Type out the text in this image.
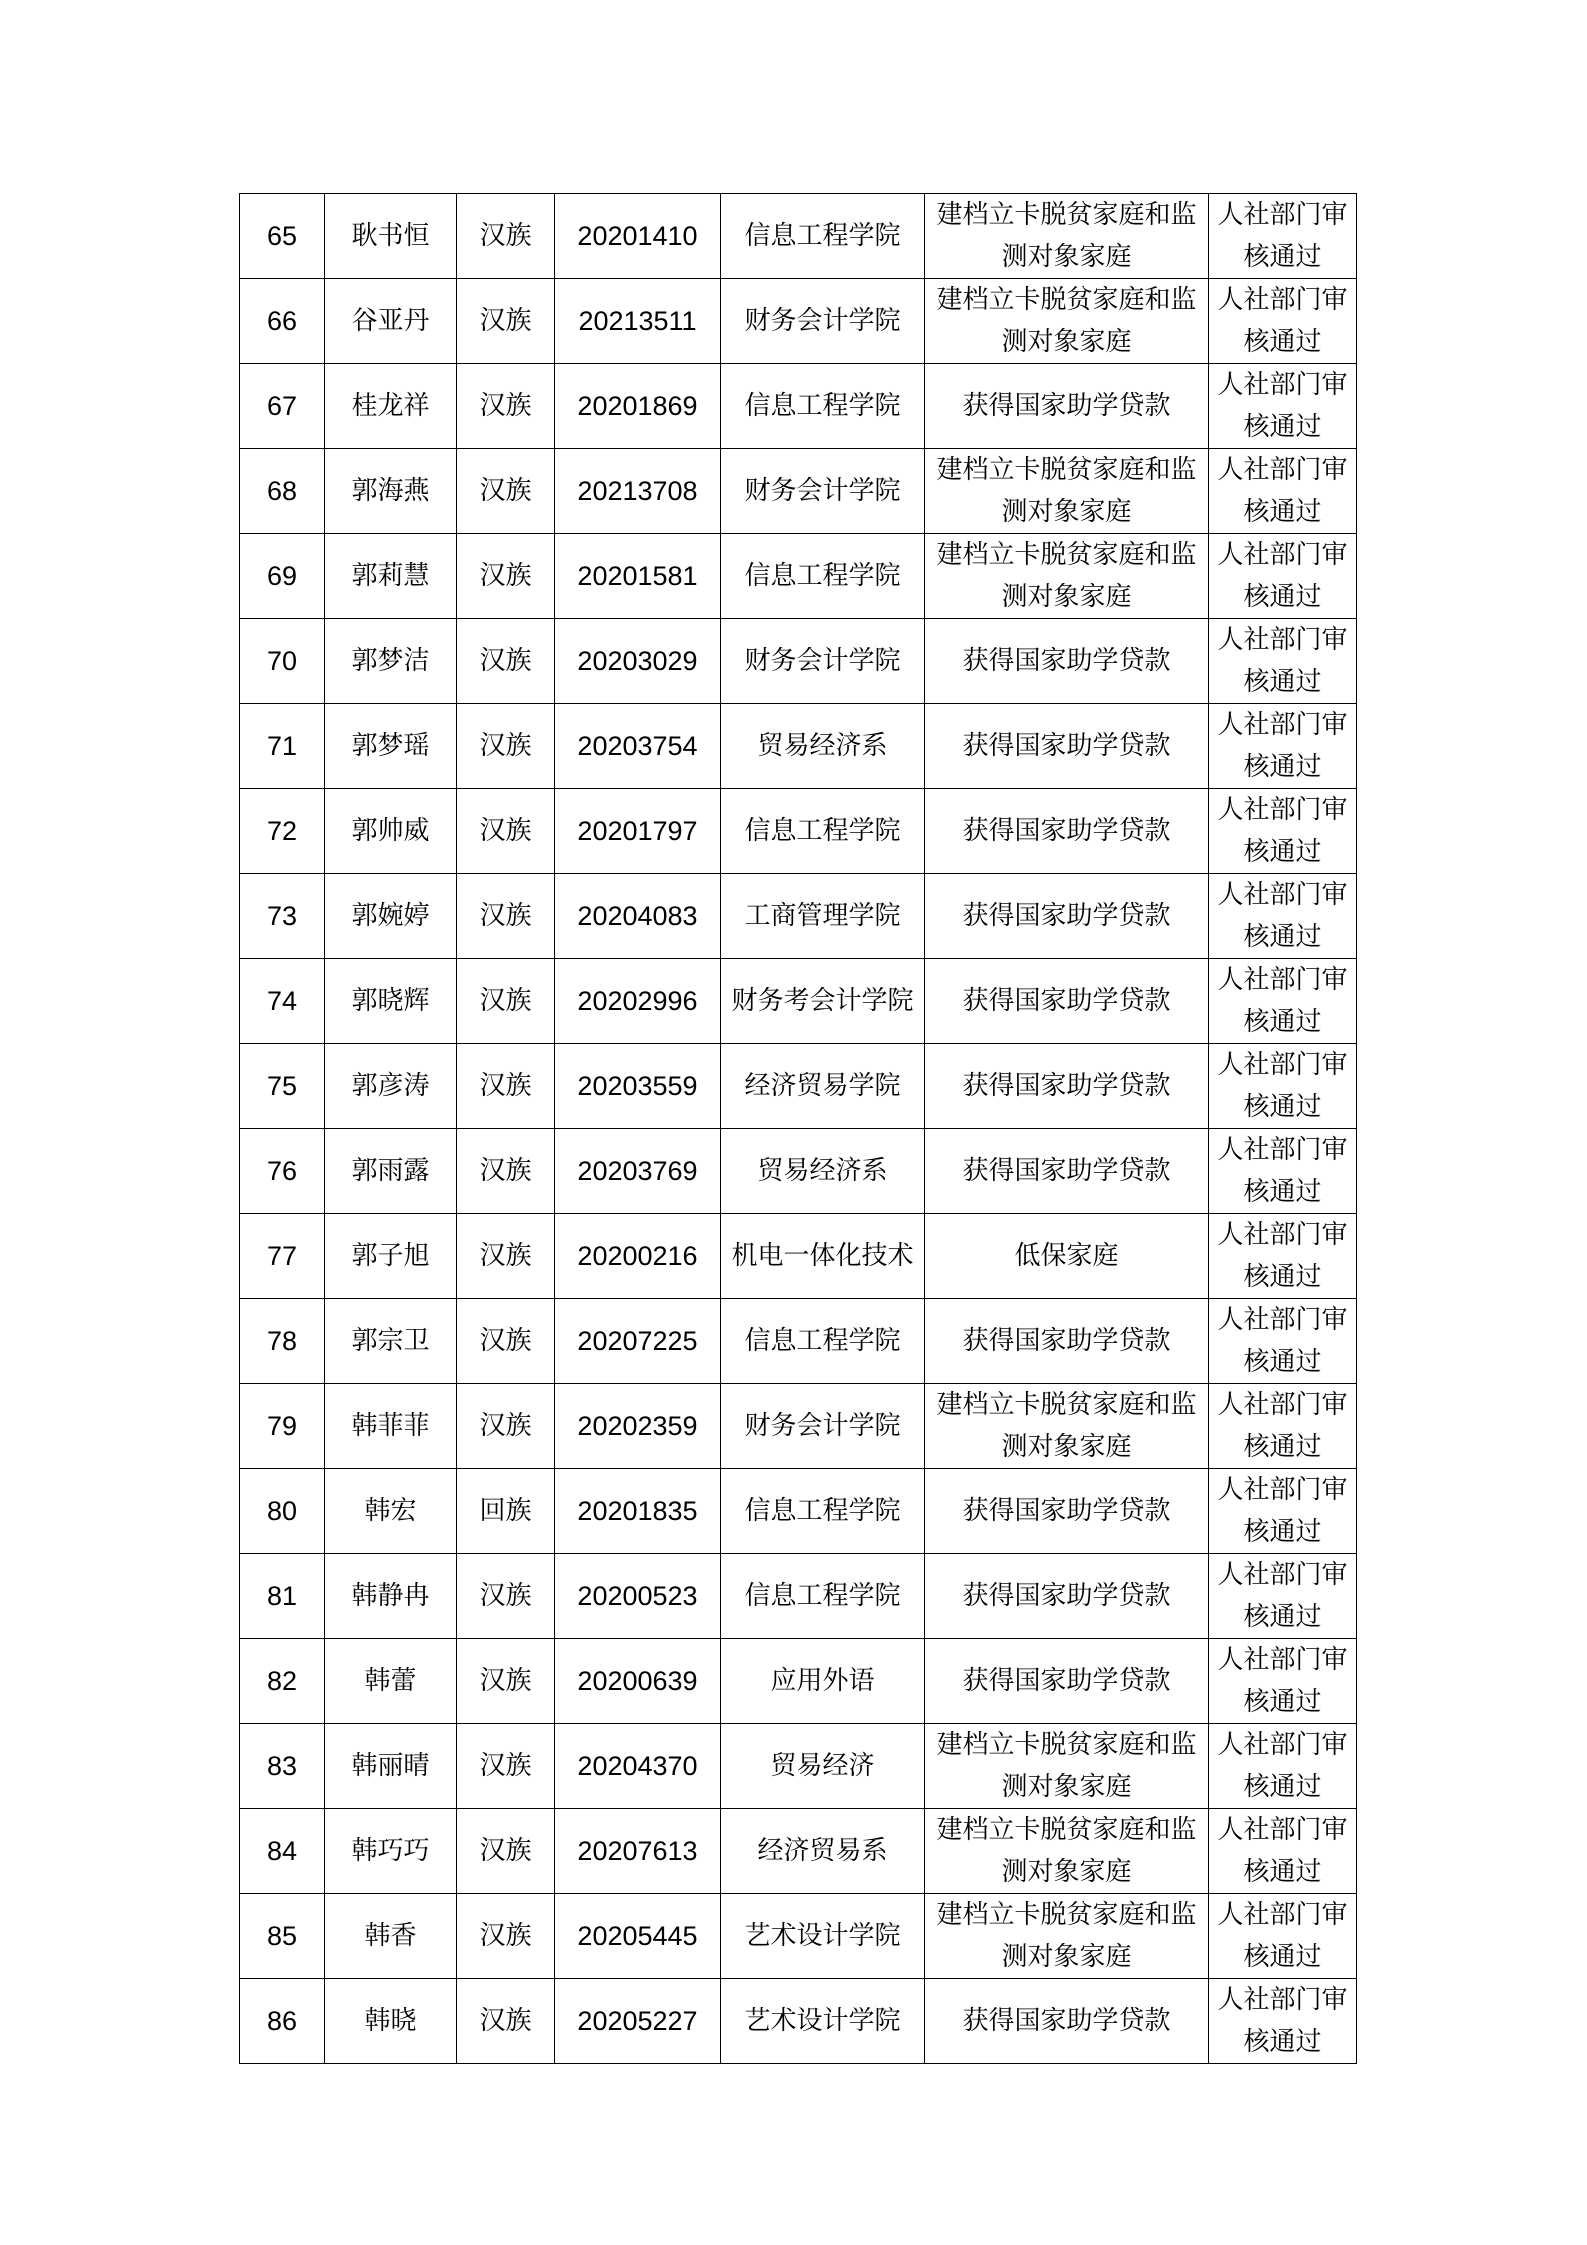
65	耿书恒	汉族	20201410	信息工程学院	建档立卡脱贫家庭和监测对象家庭	人社部门审核通过
66	谷亚丹	汉族	20213511	财务会计学院	建档立卡脱贫家庭和监测对象家庭	人社部门审核通过
67	桂龙祥	汉族	20201869	信息工程学院	获得国家助学贷款	人社部门审核通过
68	郭海燕	汉族	20213708	财务会计学院	建档立卡脱贫家庭和监测对象家庭	人社部门审核通过
69	郭莉慧	汉族	20201581	信息工程学院	建档立卡脱贫家庭和监测对象家庭	人社部门审核通过
70	郭梦洁	汉族	20203029	财务会计学院	获得国家助学贷款	人社部门审核通过
71	郭梦瑶	汉族	20203754	贸易经济系	获得国家助学贷款	人社部门审核通过
72	郭帅威	汉族	20201797	信息工程学院	获得国家助学贷款	人社部门审核通过
73	郭婉婷	汉族	20204083	工商管理学院	获得国家助学贷款	人社部门审核通过
74	郭晓辉	汉族	20202996	财务考会计学院	获得国家助学贷款	人社部门审核通过
75	郭彦涛	汉族	20203559	经济贸易学院	获得国家助学贷款	人社部门审核通过
76	郭雨露	汉族	20203769	贸易经济系	获得国家助学贷款	人社部门审核通过
77	郭子旭	汉族	20200216	机电一体化技术	低保家庭	人社部门审核通过
78	郭宗卫	汉族	20207225	信息工程学院	获得国家助学贷款	人社部门审核通过
79	韩菲菲	汉族	20202359	财务会计学院	建档立卡脱贫家庭和监测对象家庭	人社部门审核通过
80	韩宏	回族	20201835	信息工程学院	获得国家助学贷款	人社部门审核通过
81	韩静冉	汉族	20200523	信息工程学院	获得国家助学贷款	人社部门审核通过
82	韩蕾	汉族	20200639	应用外语	获得国家助学贷款	人社部门审核通过
83	韩丽晴	汉族	20204370	贸易经济	建档立卡脱贫家庭和监测对象家庭	人社部门审核通过
84	韩巧巧	汉族	20207613	经济贸易系	建档立卡脱贫家庭和监测对象家庭	人社部门审核通过
85	韩香	汉族	20205445	艺术设计学院	建档立卡脱贫家庭和监测对象家庭	人社部门审核通过
86	韩晓	汉族	20205227	艺术设计学院	获得国家助学贷款	人社部门审核通过
